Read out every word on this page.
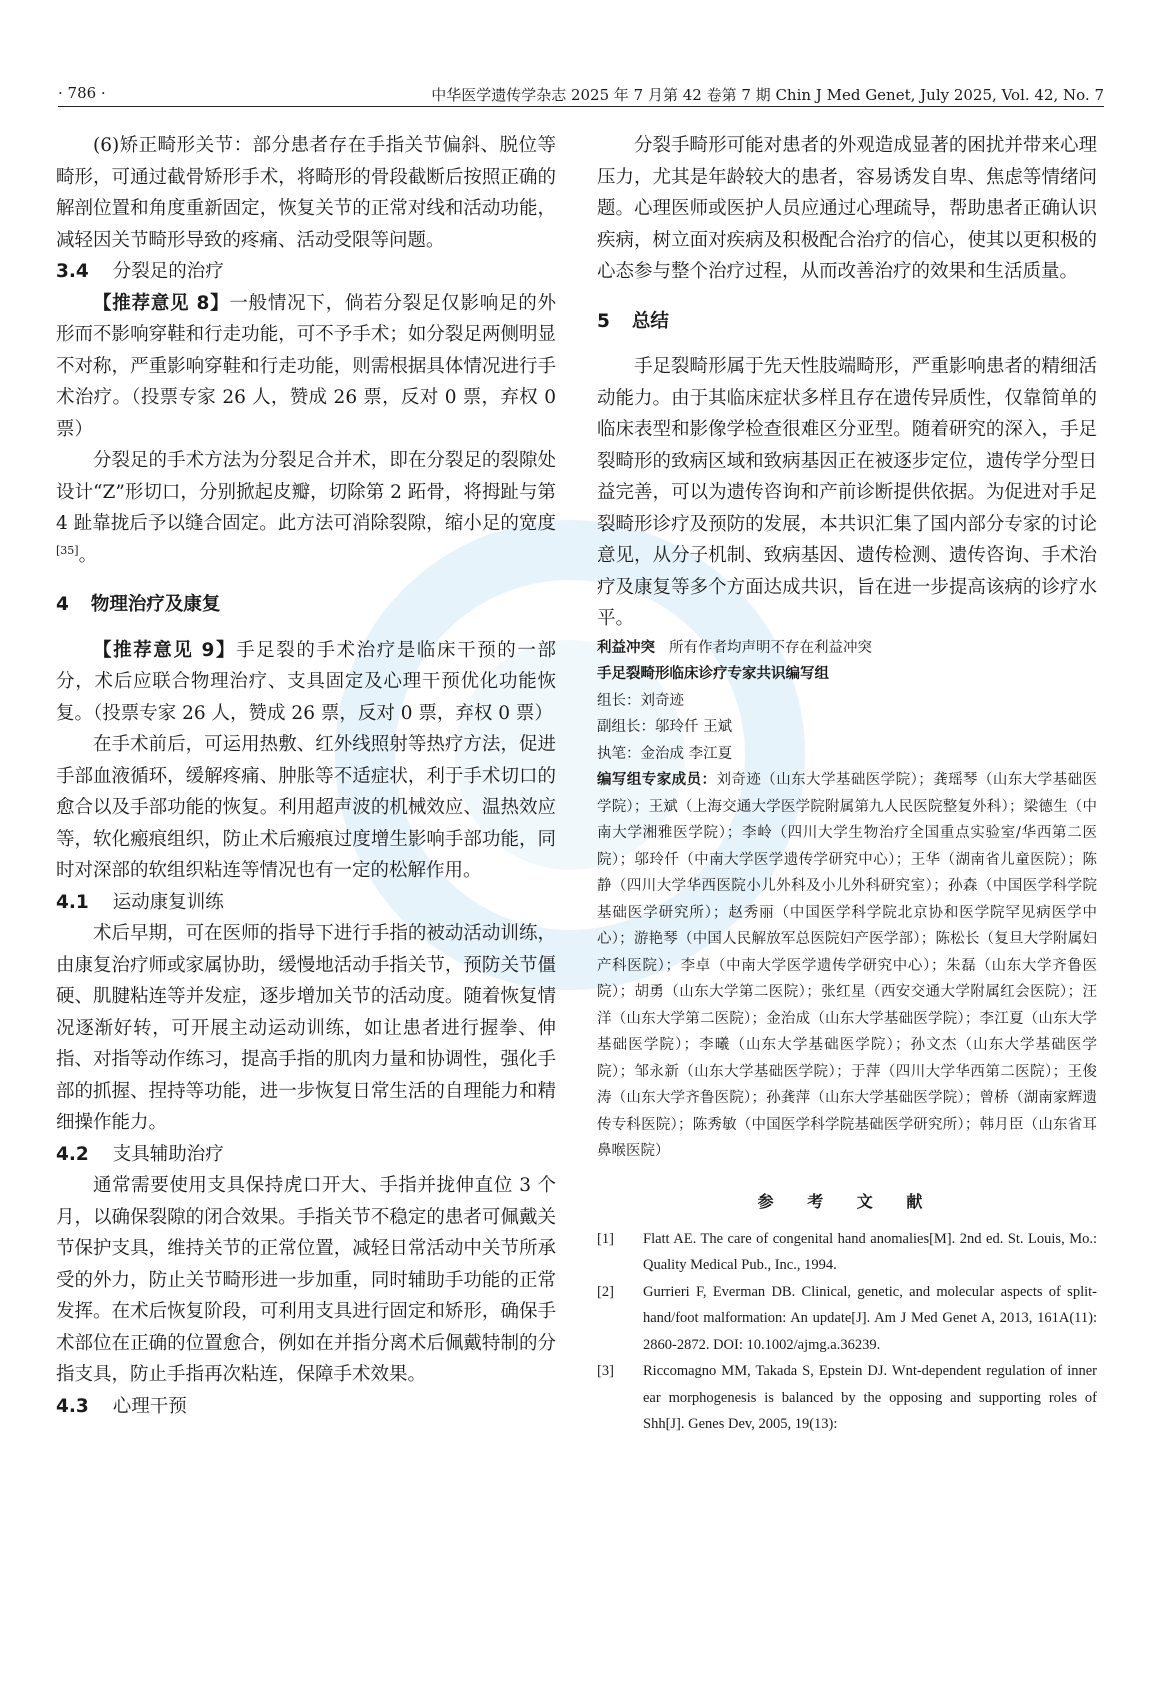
· 786 ·	中华医学遗传学杂志 2025 年 7 月第 42 卷第 7 期 Chin J Med Genet, July 2025, Vol. 42, No. 7

(6)矫正畸形关节：部分患者存在手指关节偏斜、脱位等畸形，可通过截骨矫形手术，将畸形的骨段截断后按照正确的解剖位置和角度重新固定，恢复关节的正常对线和活动功能，减轻因关节畸形导致的疼痛、活动受限等问题。

3.4 分裂足的治疗

【推荐意见 8】一般情况下，倘若分裂足仅影响足的外形而不影响穿鞋和行走功能，可不予手术；如分裂足两侧明显不对称，严重影响穿鞋和行走功能，则需根据具体情况进行手术治疗。（投票专家 26 人，赞成 26 票，反对 0 票，弃权 0 票）

分裂足的手术方法为分裂足合并术，即在分裂足的裂隙处设计“Z”形切口，分别掀起皮瓣，切除第 2 跖骨，将拇趾与第 4 趾靠拢后予以缝合固定。此方法可消除裂隙，缩小足的宽度[35]。

4 物理治疗及康复

【推荐意见 9】手足裂的手术治疗是临床干预的一部分，术后应联合物理治疗、支具固定及心理干预优化功能恢复。（投票专家 26 人，赞成 26 票，反对 0 票，弃权 0 票）

在手术前后，可运用热敷、红外线照射等热疗方法，促进手部血液循环，缓解疼痛、肿胀等不适症状，利于手术切口的愈合以及手部功能的恢复。利用超声波的机械效应、温热效应等，软化瘢痕组织，防止术后瘢痕过度增生影响手部功能，同时对深部的软组织粘连等情况也有一定的松解作用。

4.1 运动康复训练

术后早期，可在医师的指导下进行手指的被动活动训练，由康复治疗师或家属协助，缓慢地活动手指关节，预防关节僵硬、肌腱粘连等并发症，逐步增加关节的活动度。随着恢复情况逐渐好转，可开展主动运动训练，如让患者进行握拳、伸指、对指等动作练习，提高手指的肌肉力量和协调性，强化手部的抓握、捏持等功能，进一步恢复日常生活的自理能力和精细操作能力。

4.2 支具辅助治疗

通常需要使用支具保持虎口开大、手指并拢伸直位 3 个月，以确保裂隙的闭合效果。手指关节不稳定的患者可佩戴关节保护支具，维持关节的正常位置，减轻日常活动中关节所承受的外力，防止关节畸形进一步加重，同时辅助手功能的正常发挥。在术后恢复阶段，可利用支具进行固定和矫形，确保手术部位在正确的位置愈合，例如在并指分离术后佩戴特制的分指支具，防止手指再次粘连，保障手术效果。

4.3 心理干预

分裂手畸形可能对患者的外观造成显著的困扰并带来心理压力，尤其是年龄较大的患者，容易诱发自卑、焦虑等情绪问题。心理医师或医护人员应通过心理疏导，帮助患者正确认识疾病，树立面对疾病及积极配合治疗的信心，使其以更积极的心态参与整个治疗过程，从而改善治疗的效果和生活质量。

5 总结

手足裂畸形属于先天性肢端畸形，严重影响患者的精细活动能力。由于其临床症状多样且存在遗传异质性，仅靠简单的临床表型和影像学检查很难区分亚型。随着研究的深入，手足裂畸形的致病区域和致病基因正在被逐步定位，遗传学分型日益完善，可以为遗传咨询和产前诊断提供依据。为促进对手足裂畸形诊疗及预防的发展，本共识汇集了国内部分专家的讨论意见，从分子机制、致病基因、遗传检测、遗传咨询、手术治疗及康复等多个方面达成共识，旨在进一步提高该病的诊疗水平。

利益冲突 所有作者均声明不存在利益冲突

手足裂畸形临床诊疗专家共识编写组

组长：刘奇迹

副组长：邬玲仟 王斌

执笔：金治成 李江夏

编写组专家成员：刘奇迹（山东大学基础医学院）；龚瑶琴（山东大学基础医学院）；王斌（上海交通大学医学院附属第九人民医院整复外科）；梁德生（中南大学湘雅医学院）；李岭（四川大学生物治疗全国重点实验室/华西第二医院）；邬玲仟（中南大学医学遗传学研究中心）；王华（湖南省儿童医院）；陈静（四川大学华西医院小儿外科及小儿外科研究室）；孙森（中国医学科学院基础医学研究所）；赵秀丽（中国医学科学院北京协和医学院罕见病医学中心）；游艳琴（中国人民解放军总医院妇产医学部）；陈松长（复旦大学附属妇产科医院）；李卓（中南大学医学遗传学研究中心）；朱磊（山东大学齐鲁医院）；胡勇（山东大学第二医院）；张红星（西安交通大学附属红会医院）；汪洋（山东大学第二医院）；金治成（山东大学基础医学院）；李江夏（山东大学基础医学院）；李曦（山东大学基础医学院）；孙文杰（山东大学基础医学院）；邹永新（山东大学基础医学院）；于萍（四川大学华西第二医院）；王俊涛（山东大学齐鲁医院）；孙龚萍（山东大学基础医学院）；曾桥（湖南家辉遗传专科医院）；陈秀敏（中国医学科学院基础医学研究所）；韩月臣（山东省耳鼻喉医院）

参 考 文 献
[1]	Flatt AE. The care of congenital hand anomalies[M]. 2nd ed. St. Louis, Mo.: Quality Medical Pub., Inc., 1994.
[2]	Gurrieri F, Everman DB. Clinical, genetic, and molecular aspects of split-hand/foot malformation: An update[J]. Am J Med Genet A, 2013, 161A(11): 2860-2872. DOI: 10.1002/ajmg.a.36239.
[3]	Riccomagno MM, Takada S, Epstein DJ. Wnt-dependent regulation of inner ear morphogenesis is balanced by the opposing and supporting roles of Shh[J]. Genes Dev, 2005, 19(13):
